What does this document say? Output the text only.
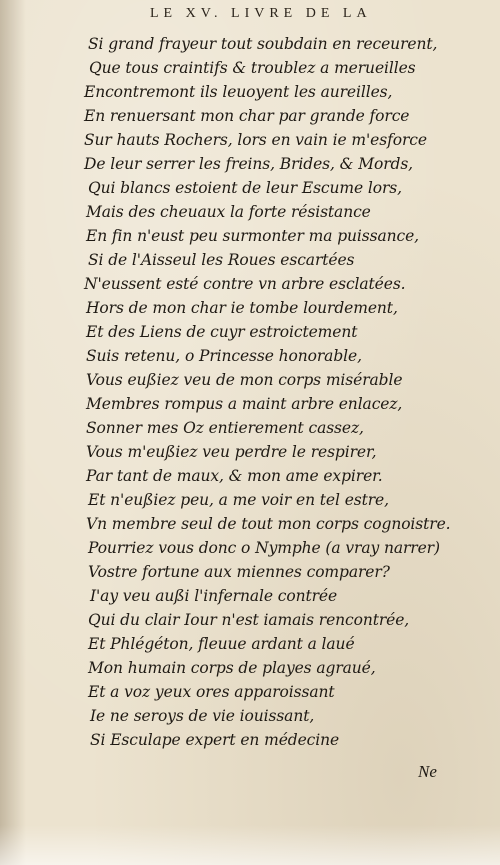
LE XV. LIVRE DE LA
Si grand frayeur tout soubdain en receurent,
Que tous craintifs & troublez a merueilles
Encontremont ils leuoyent les aureilles,
En renuersant mon char par grande force
Sur hauts Rochers, lors en vain ie m'esforce
De leur serrer les freins, Brides, & Mords,
Qui blancs estoient de leur Escume lors,
Mais des cheuaux la forte résistance
En fin n'eust peu surmonter ma puissance,
Si de l'Aisseul les Roues escartées
N'eussent esté contre vn arbre esclatées.
Hors de mon char ie tombe lourdement,
Et des Liens de cuyr estroictement
Suis retenu, o Princesse honorable,
Vous eußiez veu de mon corps misérable
Membres rompus a maint arbre enlacez,
Sonner mes Oz entierement cassez,
Vous m'eußiez veu perdre le respirer,
Par tant de maux, & mon ame expirer.
Et n'eußiez peu, a me voir en tel estre,
Vn membre seul de tout mon corps cognoistre.
Pourriez vous donc o Nymphe (a vray narrer)
Vostre fortune aux miennes comparer?
I'ay veu außi l'infernale contrée
Qui du clair Iour n'est iamais rencontrée,
Et Phlégéton, fleuue ardant a laué
Mon humain corps de playes agraué,
Et a voz yeux ores apparoissant
Ie ne seroys de vie iouissant,
Si Esculape expert en médecine
Ne
